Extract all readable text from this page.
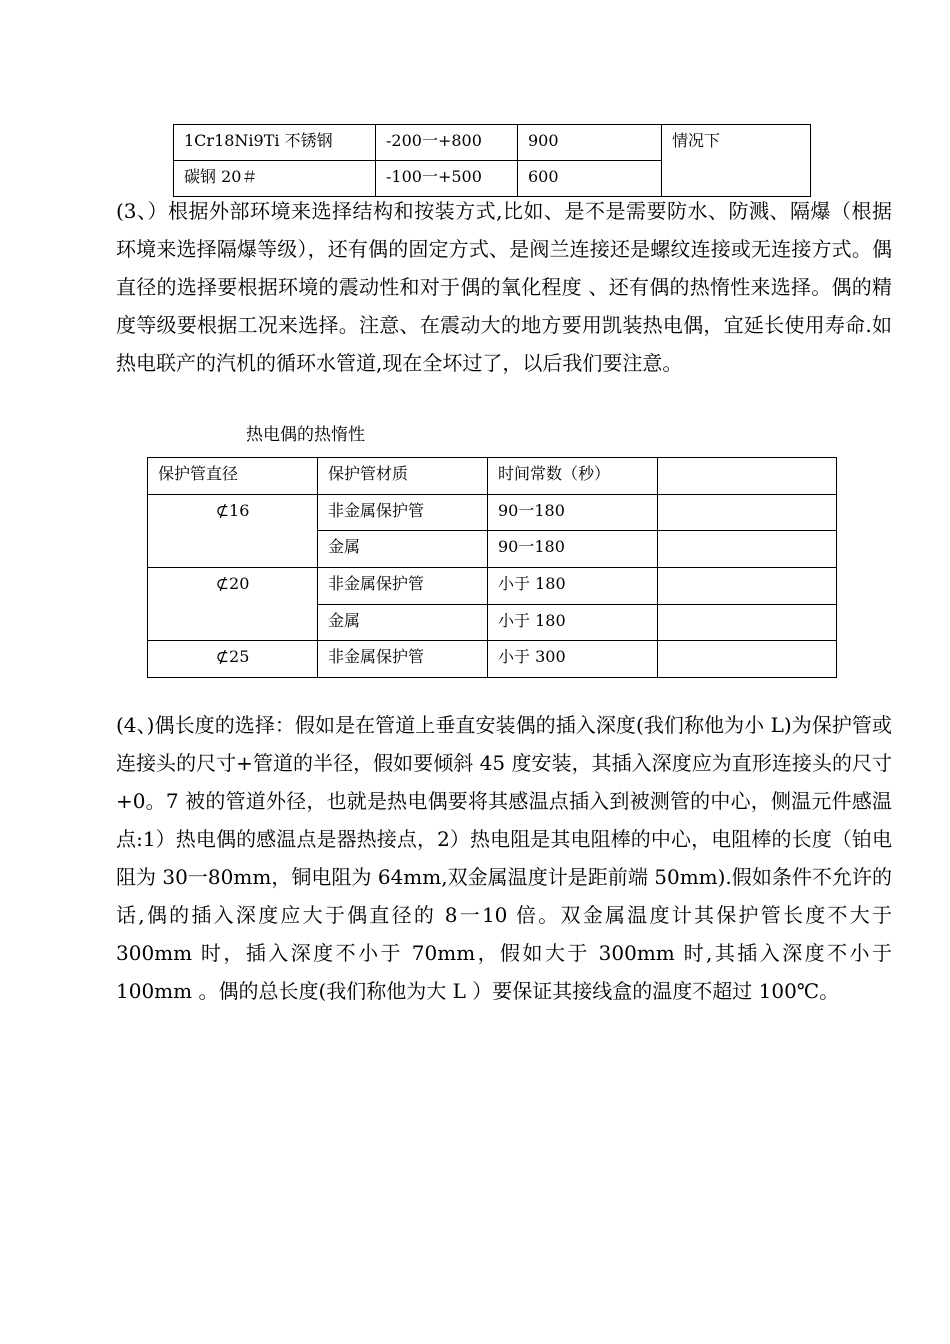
1Cr18Ni9Ti 不锈钢	-200一+800	900	情况下
碳钢 20＃	-100一+500	600	

(3、）根据外部环境来选择结构和按装方式,比如、是不是需要防水、防溅、隔爆（根据环境来选择隔爆等级），还有偶的固定方式、是阀兰连接还是螺纹连接或无连接方式。偶直径的选择要根据环境的震动性和对于偶的氧化程度 、还有偶的热惰性来选择。偶的精度等级要根据工况来选择。注意、在震动大的地方要用凯装热电偶，宜延长使用寿命.如热电联产的汽机的循环水管道,现在全坏过了，以后我们要注意。

热电偶的热惰性
保护管直径	保护管材质	时间常数（秒）	
⊄16	非金属保护管	90一180	
	金属	90一180	
⊄20	非金属保护管	小于 180	
	金属	小于 180	
⊄25	非金属保护管	小于 300	

(4、)偶长度的选择：假如是在管道上垂直安装偶的插入深度(我们称他为小 L)为保护管或连接头的尺寸+管道的半径，假如要倾斜 45 度安装，其插入深度应为直形连接头的尺寸+0。7 被的管道外径，也就是热电偶要将其感温点插入到被测管的中心，侧温元件感温点:1）热电偶的感温点是器热接点，2）热电阻是其电阻棒的中心，电阻棒的长度（铂电阻为 30一80mm，铜电阻为 64mm,双金属温度计是距前端 50mm).假如条件不允许的话,偶的插入深度应大于偶直径的 8一10 倍。双金属温度计其保护管长度不大于 300mm 时，插入深度不小于 70mm，假如大于 300mm 时,其插入深度不小于 100mm 。偶的总长度(我们称他为大 L ）要保证其接线盒的温度不超过 100℃。
